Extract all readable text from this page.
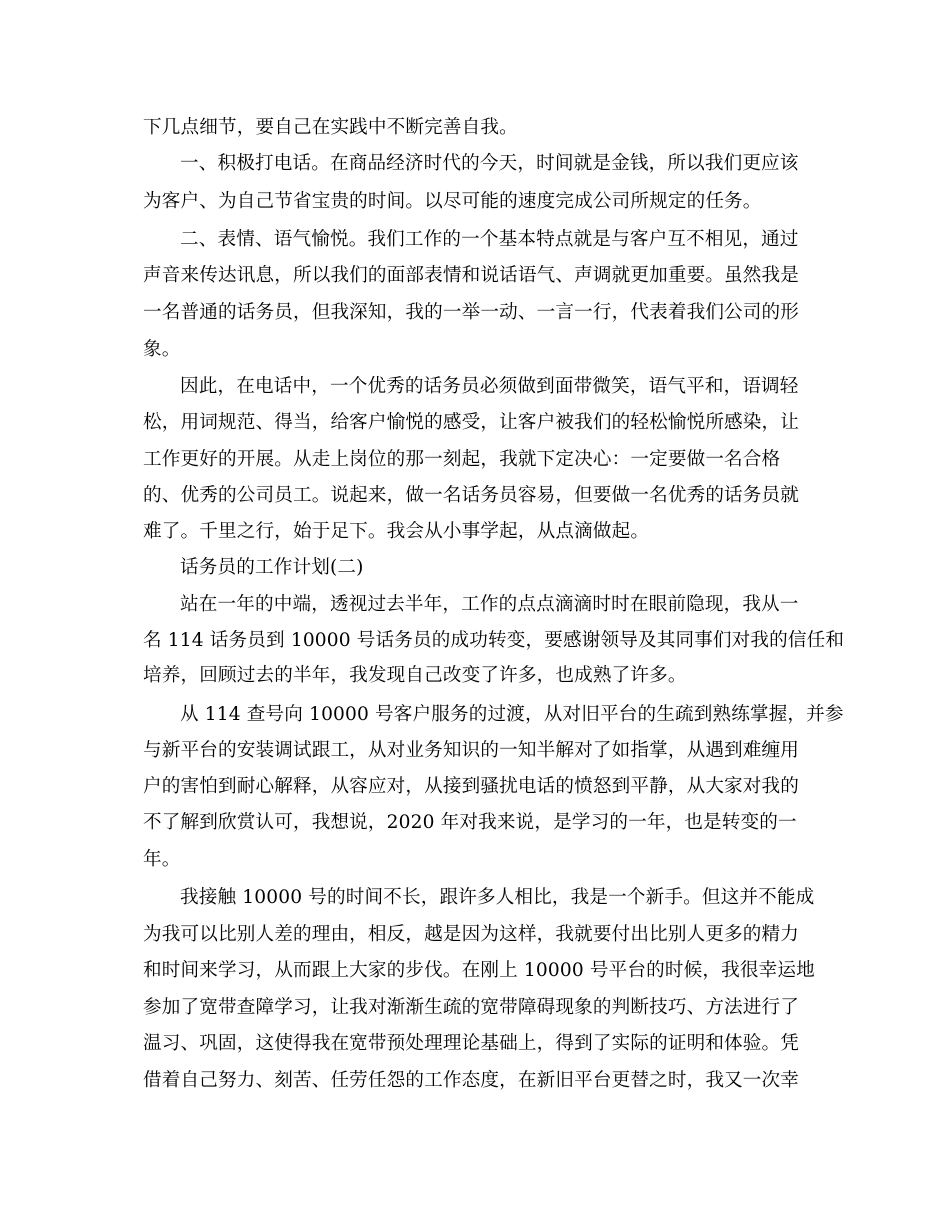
下几点细节，要自己在实践中不断完善自我。
一、积极打电话。在商品经济时代的今天，时间就是金钱，所以我们更应该
为客户、为自己节省宝贵的时间。以尽可能的速度完成公司所规定的任务。
二、表情、语气愉悦。我们工作的一个基本特点就是与客户互不相见，通过
声音来传达讯息，所以我们的面部表情和说话语气、声调就更加重要。虽然我是
一名普通的话务员，但我深知，我的一举一动、一言一行，代表着我们公司的形
象。
因此，在电话中，一个优秀的话务员必须做到面带微笑，语气平和，语调轻
松，用词规范、得当，给客户愉悦的感受，让客户被我们的轻松愉悦所感染，让
工作更好的开展。从走上岗位的那一刻起，我就下定决心：一定要做一名合格
的、优秀的公司员工。说起来，做一名话务员容易，但要做一名优秀的话务员就
难了。千里之行，始于足下。我会从小事学起，从点滴做起。
话务员的工作计划(二)
站在一年的中端，透视过去半年，工作的点点滴滴时时在眼前隐现，我从一
名 114 话务员到 10000 号话务员的成功转变，要感谢领导及其同事们对我的信任和
培养，回顾过去的半年，我发现自己改变了许多，也成熟了许多。
从 114 查号向 10000 号客户服务的过渡，从对旧平台的生疏到熟练掌握，并参
与新平台的安装调试跟工，从对业务知识的一知半解对了如指掌，从遇到难缠用
户的害怕到耐心解释，从容应对，从接到骚扰电话的愤怒到平静，从大家对我的
不了解到欣赏认可，我想说，2020 年对我来说，是学习的一年，也是转变的一
年。
我接触 10000 号的时间不长，跟许多人相比，我是一个新手。但这并不能成
为我可以比别人差的理由，相反，越是因为这样，我就要付出比别人更多的精力
和时间来学习，从而跟上大家的步伐。在刚上 10000 号平台的时候，我很幸运地
参加了宽带查障学习，让我对渐渐生疏的宽带障碍现象的判断技巧、方法进行了
温习、巩固，这使得我在宽带预处理理论基础上，得到了实际的证明和体验。凭
借着自己努力、刻苦、任劳任怨的工作态度，在新旧平台更替之时，我又一次幸
